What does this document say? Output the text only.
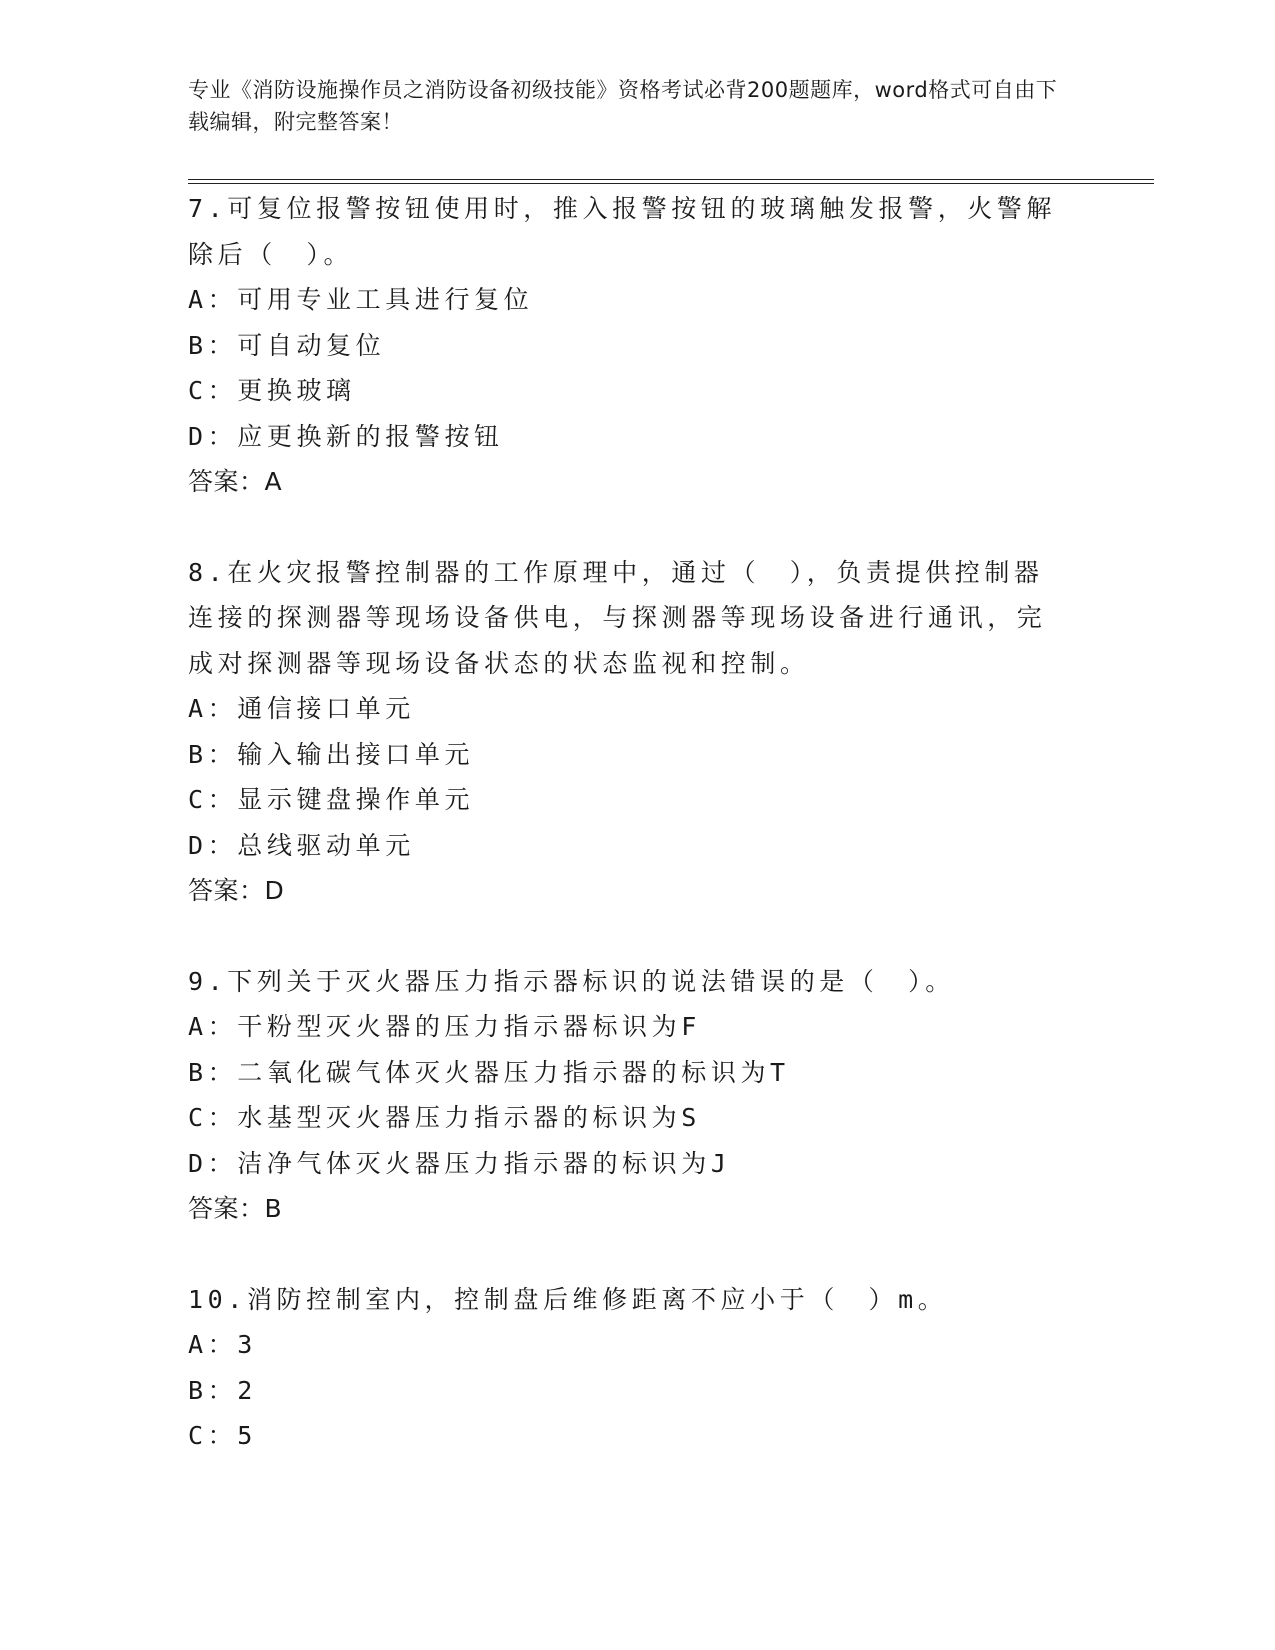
专业《消防设施操作员之消防设备初级技能》资格考试必背200题题库，word格式可自由下载编辑，附完整答案！

7.可复位报警按钮使用时，推入报警按钮的玻璃触发报警，火警解除后（　）。

A：可用专业工具进行复位

B：可自动复位

C：更换玻璃

D：应更换新的报警按钮

答案：A

8.在火灾报警控制器的工作原理中，通过（　），负责提供控制器连接的探测器等现场设备供电，与探测器等现场设备进行通讯，完成对探测器等现场设备状态的状态监视和控制。

A：通信接口单元

B：输入输出接口单元

C：显示键盘操作单元

D：总线驱动单元

答案：D

9.下列关于灭火器压力指示器标识的说法错误的是（　）。

A：干粉型灭火器的压力指示器标识为F

B：二氧化碳气体灭火器压力指示器的标识为T

C：水基型灭火器压力指示器的标识为S

D：洁净气体灭火器压力指示器的标识为J

答案：B

10.消防控制室内，控制盘后维修距离不应小于（　）m。

A：3

B：2

C：5
